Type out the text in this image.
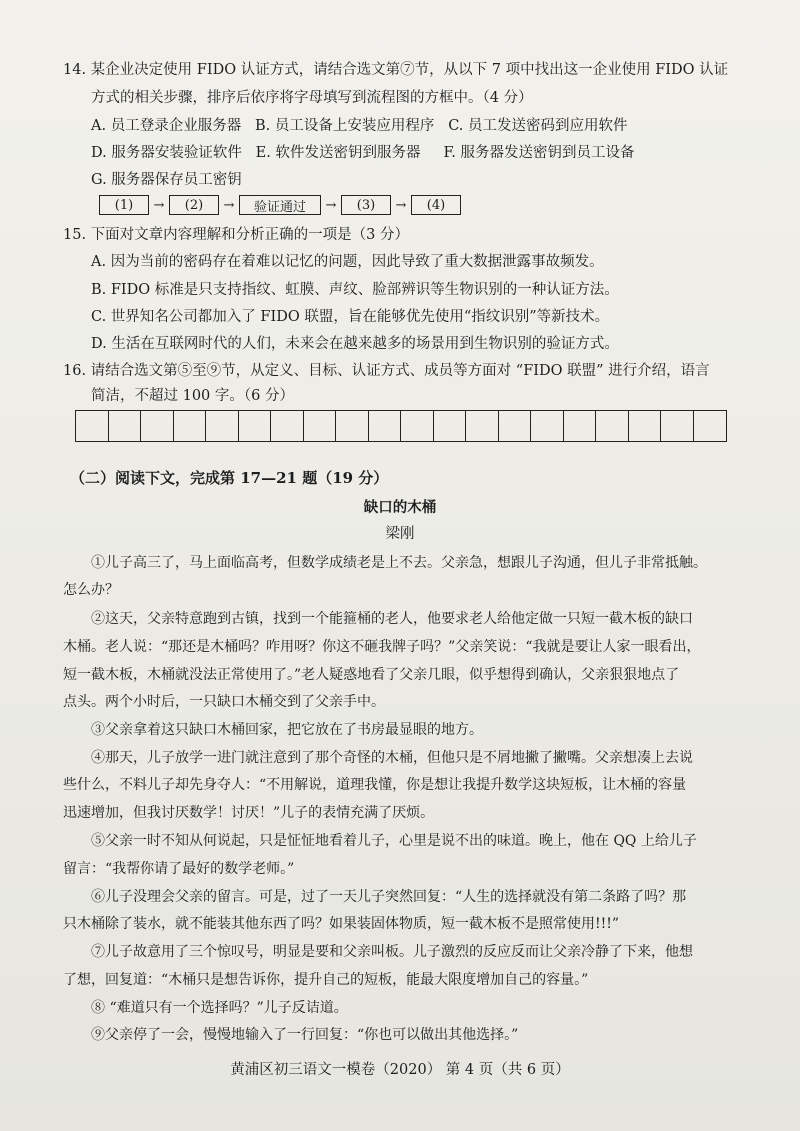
14. 某企业决定使用 FIDO 认证方式，请结合选文第⑦节，从以下 7 项中找出这一企业使用 FIDO 认证
方式的相关步骤，排序后依序将字母填写到流程图的方框中。（4 分）
A. 员工登录企业服务器   B. 员工设备上安装应用程序   C. 员工发送密码到应用软件
D. 服务器安装验证软件   E. 软件发送密钥到服务器     F. 服务器发送密钥到员工设备
G. 服务器保存员工密钥
(1)	→	(2)	→	验证通过	→	(3)	→	(4)
15. 下面对文章内容理解和分析正确的一项是（3 分）
A. 因为当前的密码存在着难以记忆的问题，因此导致了重大数据泄露事故频发。
B. FIDO 标准是只支持指纹、虹膜、声纹、脸部辨识等生物识别的一种认证方法。
C. 世界知名公司都加入了 FIDO 联盟，旨在能够优先使用“指纹识别”等新技术。
D. 生活在互联网时代的人们，未来会在越来越多的场景用到生物识别的验证方式。
16. 请结合选文第⑤至⑨节，从定义、目标、认证方式、成员等方面对 “FIDO 联盟” 进行介绍，语言
简洁，不超过 100 字。（6 分）
（二）阅读下文，完成第 17—21 题（19 分）
缺口的木桶
梁刚
①儿子高三了，马上面临高考，但数学成绩老是上不去。父亲急，想跟儿子沟通，但儿子非常抵触。
怎么办？
②这天，父亲特意跑到古镇，找到一个能箍桶的老人，他要求老人给他定做一只短一截木板的缺口
木桶。老人说：“那还是木桶吗？咋用呀？你这不砸我牌子吗？”父亲笑说：“我就是要让人家一眼看出，
短一截木板，木桶就没法正常使用了。”老人疑惑地看了父亲几眼，似乎想得到确认，父亲狠狠地点了
点头。两个小时后，一只缺口木桶交到了父亲手中。
③父亲拿着这只缺口木桶回家，把它放在了书房最显眼的地方。
④那天，儿子放学一进门就注意到了那个奇怪的木桶，但他只是不屑地撇了撇嘴。父亲想凑上去说
些什么，不料儿子却先身夺人：“不用解说，道理我懂，你是想让我提升数学这块短板，让木桶的容量
迅速增加，但我讨厌数学！讨厌！”儿子的表情充满了厌烦。
⑤父亲一时不知从何说起，只是怔怔地看着儿子，心里是说不出的味道。晚上，他在 QQ 上给儿子
留言：“我帮你请了最好的数学老师。”
⑥儿子没理会父亲的留言。可是，过了一天儿子突然回复：“人生的选择就没有第二条路了吗？那
只木桶除了装水，就不能装其他东西了吗？如果装固体物质，短一截木板不是照常使用!!!”
⑦儿子故意用了三个惊叹号，明显是要和父亲叫板。儿子激烈的反应反而让父亲冷静了下来，他想
了想，回复道：“木桶只是想告诉你，提升自己的短板，能最大限度增加自己的容量。”
⑧ “难道只有一个选择吗？”儿子反诘道。
⑨父亲停了一会，慢慢地输入了一行回复：“你也可以做出其他选择。”
黄浦区初三语文一模卷（2020） 第 4 页（共 6 页）
